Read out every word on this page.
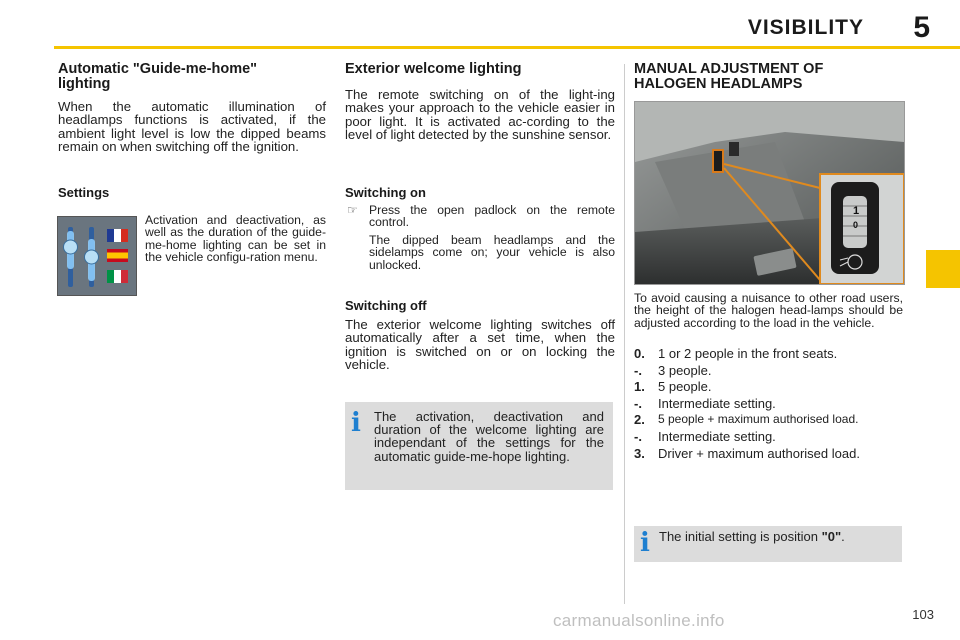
VISIBILITY 5
Automatic "Guide-me-home" lighting
When the automatic illumination of headlamps functions is activated, if the ambient light level is low the dipped beams remain on when switching off the ignition.
Settings
Activation and deactivation, as well as the duration of the guide-me-home lighting can be set in the vehicle configu-ration menu.
Exterior welcome lighting
The remote switching on of the light-ing makes your approach to the vehicle easier in poor light. It is activated ac-cording to the level of light detected by the sunshine sensor.
Switching on
☞ Press the open padlock on the remote control.
The dipped beam headlamps and the sidelamps come on; your vehicle is also unlocked.
Switching off
The exterior welcome lighting switches off automatically after a set time, when the ignition is switched on or on locking the vehicle.
i The activation, deactivation and duration of the welcome lighting are independant of the settings for the automatic guide-me-hope lighting.
MANUAL ADJUSTMENT OF HALOGEN HEADLAMPS
1
0
To avoid causing a nuisance to other road users, the height of the halogen head-lamps should be adjusted according to the load in the vehicle.
0. 1 or 2 people in the front seats.
-. 3 people.
1. 5 people.
-. Intermediate setting.
2. 5 people + maximum authorised load.
-. Intermediate setting.
3. Driver + maximum authorised load.
i The initial setting is position "0".
103
carmanualsonline.info
